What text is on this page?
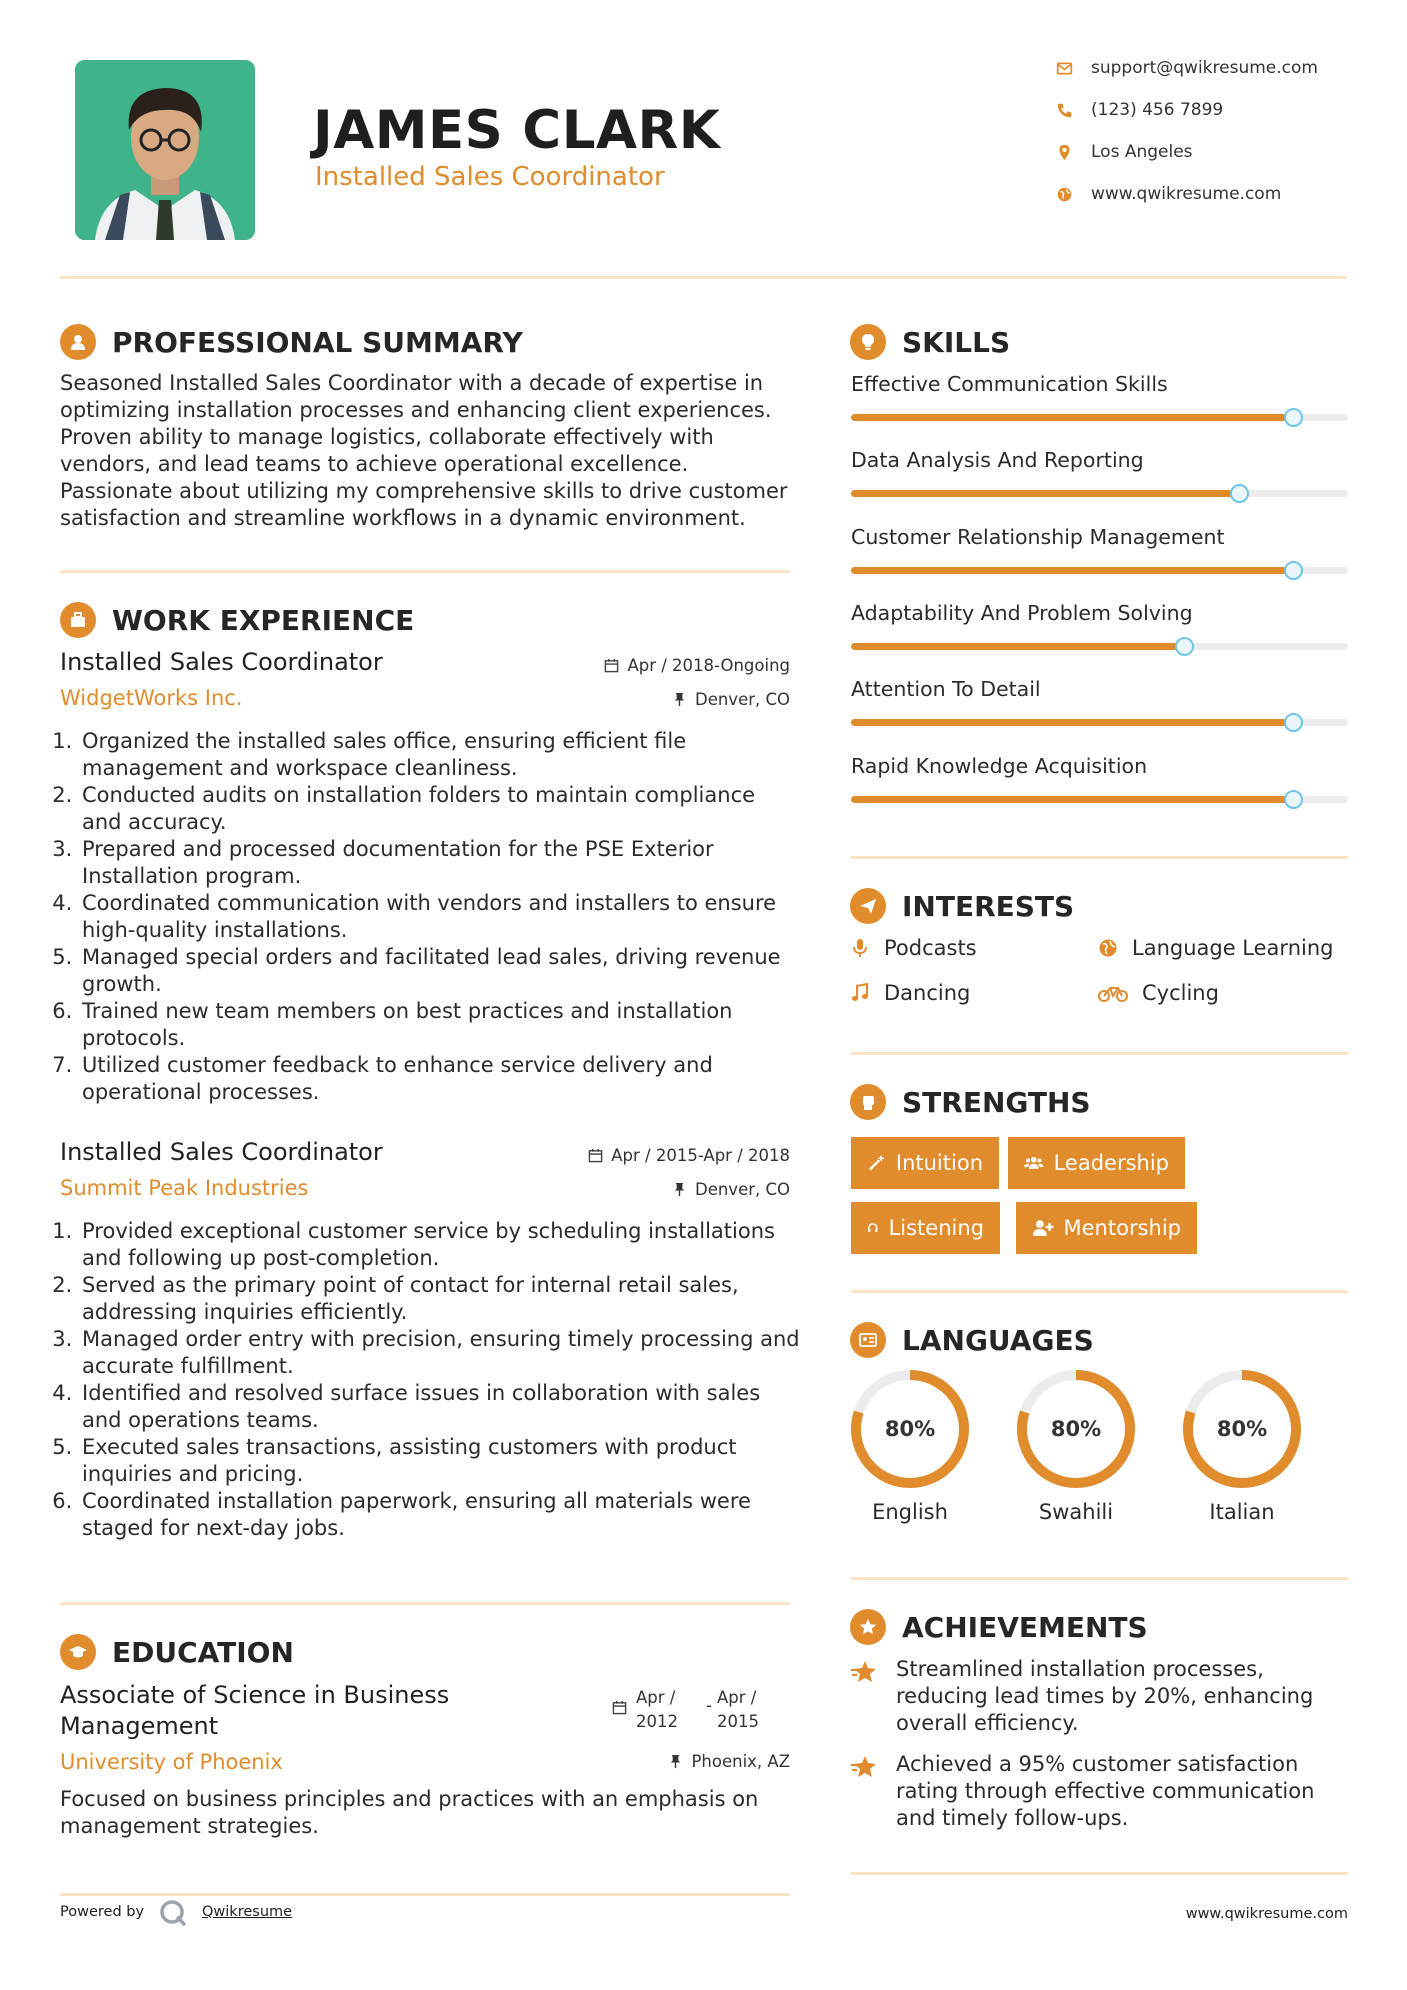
JAMES CLARK
Installed Sales Coordinator
support@qwikresume.com
(123) 456 7899
Los Angeles
www.qwikresume.com
PROFESSIONAL SUMMARY
Seasoned Installed Sales Coordinator with a decade of expertise in optimizing installation processes and enhancing client experiences. Proven ability to manage logistics, collaborate effectively with vendors, and lead teams to achieve operational excellence. Passionate about utilizing my comprehensive skills to drive customer satisfaction and streamline workflows in a dynamic environment.
WORK EXPERIENCE
Installed Sales Coordinator	Apr / 2018-Ongoing
WidgetWorks Inc.	Denver, CO
1. Organized the installed sales office, ensuring efficient file management and workspace cleanliness.
2. Conducted audits on installation folders to maintain compliance and accuracy.
3. Prepared and processed documentation for the PSE Exterior Installation program.
4. Coordinated communication with vendors and installers to ensure high-quality installations.
5. Managed special orders and facilitated lead sales, driving revenue growth.
6. Trained new team members on best practices and installation protocols.
7. Utilized customer feedback to enhance service delivery and operational processes.
Installed Sales Coordinator	Apr / 2015-Apr / 2018
Summit Peak Industries	Denver, CO
1. Provided exceptional customer service by scheduling installations and following up post-completion.
2. Served as the primary point of contact for internal retail sales, addressing inquiries efficiently.
3. Managed order entry with precision, ensuring timely processing and accurate fulfillment.
4. Identified and resolved surface issues in collaboration with sales and operations teams.
5. Executed sales transactions, assisting customers with product inquiries and pricing.
6. Coordinated installation paperwork, ensuring all materials were staged for next-day jobs.
EDUCATION
Associate of Science in Business Management
Apr / 2012
- Apr / 2015
University of Phoenix	Phoenix, AZ
Focused on business principles and practices with an emphasis on management strategies.
SKILLS
Effective Communication Skills
Data Analysis And Reporting
Customer Relationship Management
Adaptability And Problem Solving
Attention To Detail
Rapid Knowledge Acquisition
INTERESTS
Podcasts	Language Learning
Dancing	Cycling
STRENGTHS
Intuition	Leadership
Listening	Mentorship
LANGUAGES
80%
English
80%
Swahili
80%
Italian
ACHIEVEMENTS
Streamlined installation processes, reducing lead times by 20%, enhancing overall efficiency.
Achieved a 95% customer satisfaction rating through effective communication and timely follow-ups.
Powered by	Qwikresume	www.qwikresume.com
